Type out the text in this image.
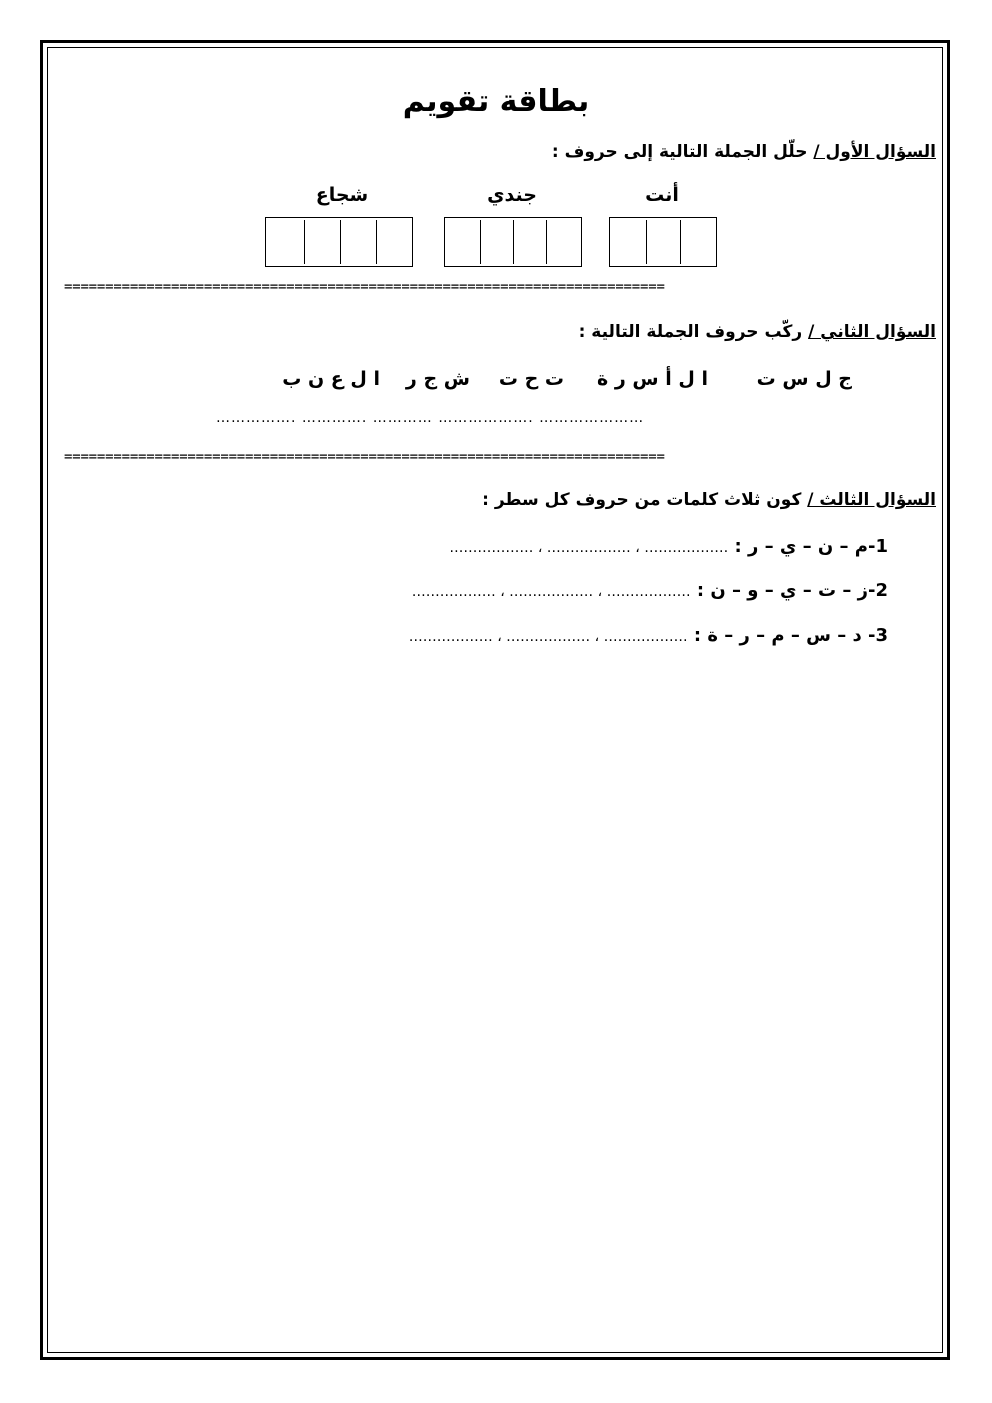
بطاقة تقويم
السؤال الأول / حلّل الجملة التالية إلى حروف :
أنت
جندي
شجاع
=========================================================================
السؤال الثاني / ركّب حروف الجملة التالية :
ج ل س ت
ا ل أ س ر ة
ت ح ت
ش ج ر
ا ل ع ن ب
……………. …………. ………… ………………. …………………
=========================================================================
السؤال الثالث / كون ثلاث كلمات من حروف كل سطر :
1-م – ن – ي – ر : ……………… ، ……………… ، ………………
2-ز – ت – ي – و – ن : ……………… ، ……………… ، ………………
3- د – س – م – ر – ة : ……………… ، ……………… ، ………………
